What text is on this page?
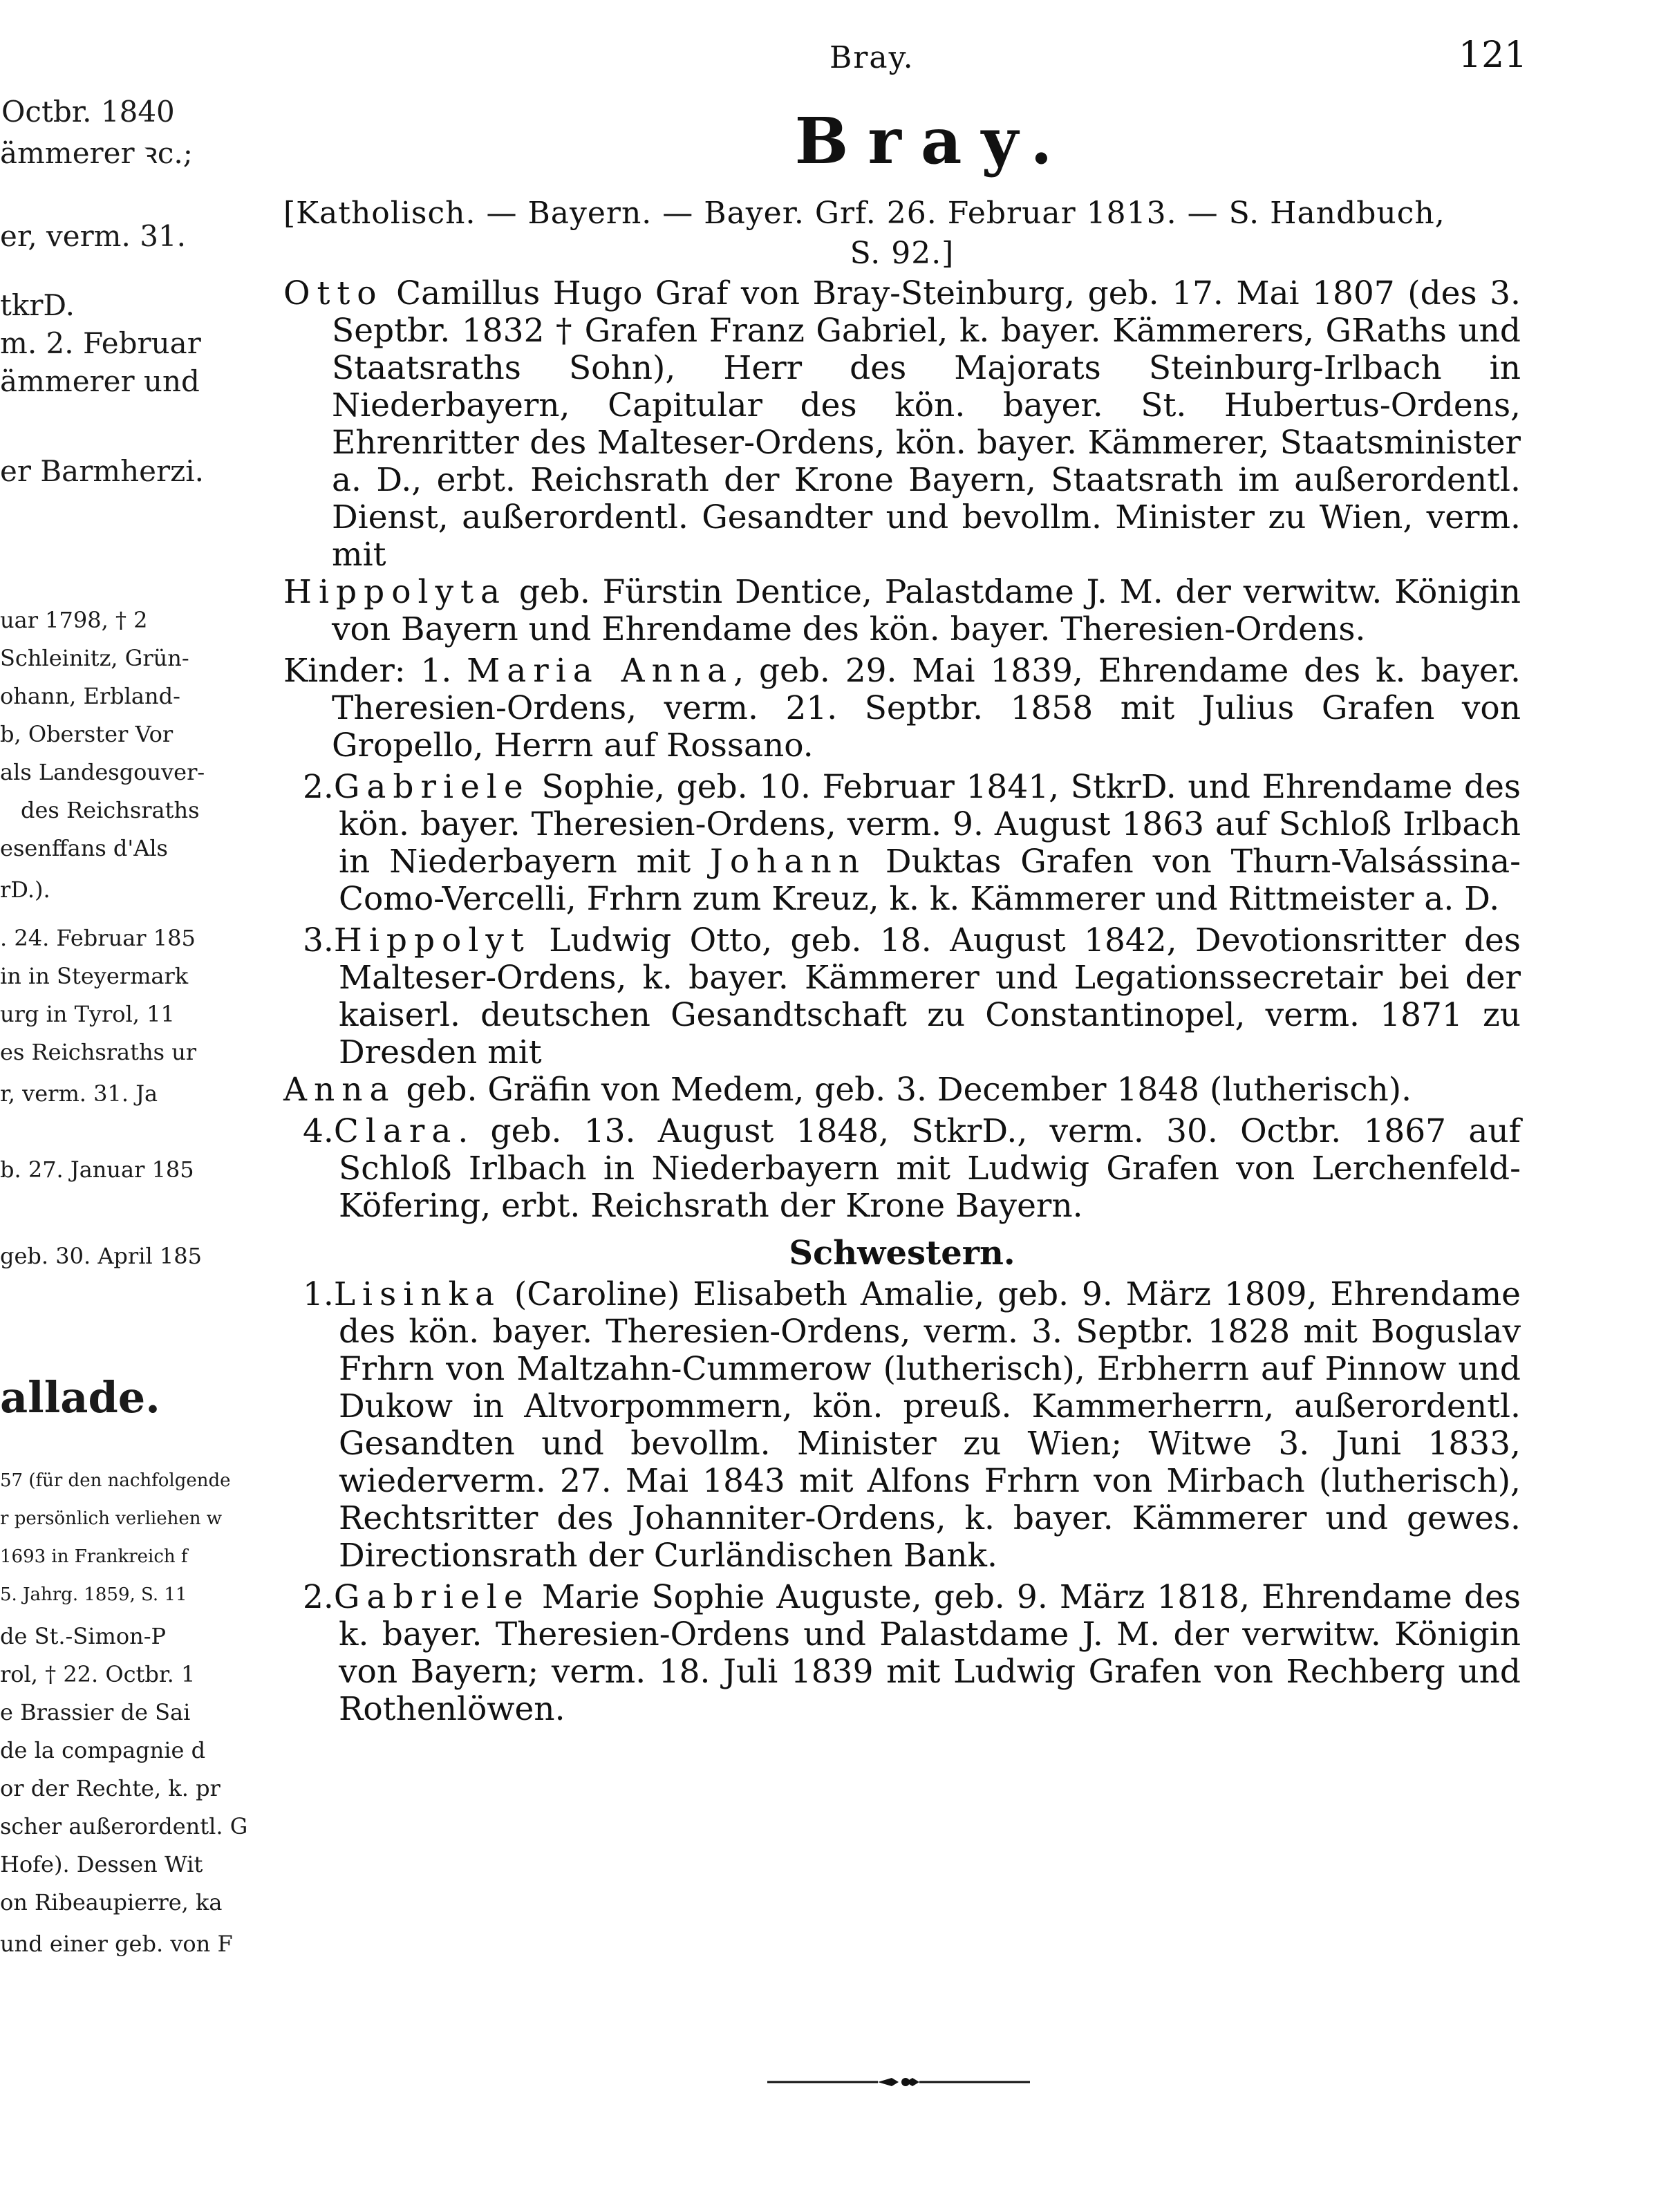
Octbr. 1840
ämmerer ꝛc.;
er, verm. 31.
tkrD.
m. 2. Februar
ämmerer und
er Barmherzi.
uar 1798, † 2
Schleinitz, Grün-
ohann, Erbland-
b, Oberster Vor
als Landesgouver-
des Reichsraths
esenffans d'Als
rD.).
. 24. Februar 185
in in Steyermark
urg in Tyrol, 11
es Reichsraths ur
r, verm. 31. Ja
b. 27. Januar 185
geb. 30. April 185
allade.
57 (für den nachfolgende
r persönlich verliehen w
1693 in Frankreich f
5. Jahrg. 1859, S. 11
de St.-Simon-P
rol, † 22. Octbr. 1
e Brassier de Sai
de la compagnie d
or der Rechte, k. pr
scher außerordentl. G
Hofe). Dessen Wit
on Ribeaupierre, ka
und einer geb. von F
Bray.	121
Bray.
[Katholisch. — Bayern. — Bayer. Grf. 26. Februar 1813. — S. Handbuch,
S. 92.]

Otto Camillus Hugo Graf von Bray-Steinburg, geb. 17. Mai 1807 (des 3. Septbr. 1832 † Grafen Franz Gabriel, k. bayer. Kämmerers, GRaths und Staatsraths Sohn), Herr des Majorats Steinburg-Irlbach in Niederbayern, Capitular des kön. bayer. St. Hubertus-Ordens, Ehrenritter des Malteser-Ordens, kön. bayer. Kämmerer, Staatsminister a. D., erbt. Reichsrath der Krone Bayern, Staatsrath im außerordentl. Dienst, außerordentl. Gesandter und bevollm. Minister zu Wien, verm. mit

Hippolyta geb. Fürstin Dentice, Palastdame J. M. der verwitw. Königin von Bayern und Ehrendame des kön. bayer. Theresien-Ordens.

Kinder: 1. Maria Anna, geb. 29. Mai 1839, Ehrendame des k. bayer. Theresien-Ordens, verm. 21. Septbr. 1858 mit Julius Grafen von Gropello, Herrn auf Rossano.

2.Gabriele Sophie, geb. 10. Februar 1841, StkrD. und Ehrendame des kön. bayer. Theresien-Ordens, verm. 9. August 1863 auf Schloß Irlbach in Niederbayern mit Johann Duktas Grafen von Thurn-Valsássina-Como-Vercelli, Frhrn zum Kreuz, k. k. Kämmerer und Rittmeister a. D.

3.Hippolyt Ludwig Otto, geb. 18. August 1842, Devotionsritter des Malteser-Ordens, k. bayer. Kämmerer und Legationssecretair bei der kaiserl. deutschen Gesandtschaft zu Constantinopel, verm. 1871 zu Dresden mit

Anna geb. Gräfin von Medem, geb. 3. December 1848 (lutherisch).

4.Clara. geb. 13. August 1848, StkrD., verm. 30. Octbr. 1867 auf Schloß Irlbach in Niederbayern mit Ludwig Grafen von Lerchenfeld-Köfering, erbt. Reichsrath der Krone Bayern.

Schwestern.

1.Lisinka (Caroline) Elisabeth Amalie, geb. 9. März 1809, Ehrendame des kön. bayer. Theresien-Ordens, verm. 3. Septbr. 1828 mit Boguslav Frhrn von Maltzahn-Cummerow (lutherisch), Erbherrn auf Pinnow und Dukow in Altvorpommern, kön. preuß. Kammerherrn, außerordentl. Gesandten und bevollm. Minister zu Wien; Witwe 3. Juni 1833, wiederverm. 27. Mai 1843 mit Alfons Frhrn von Mirbach (lutherisch), Rechtsritter des Johanniter-Ordens, k. bayer. Kämmerer und gewes. Directionsrath der Curländischen Bank.

2.Gabriele Marie Sophie Auguste, geb. 9. März 1818, Ehrendame des k. bayer. Theresien-Ordens und Palastdame J. M. der verwitw. Königin von Bayern; verm. 18. Juli 1839 mit Ludwig Grafen von Rechberg und Rothenlöwen.
